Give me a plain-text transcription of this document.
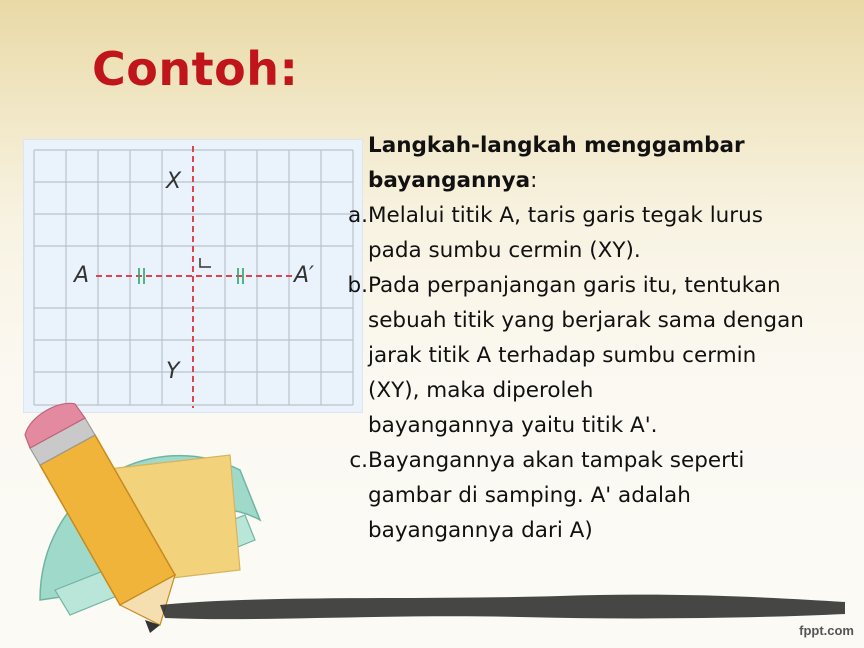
Contoh:
X
Y
A	A′
Langkah-langkah menggambar bayangannya:
a. Melalui titik A, taris garis tegak lurus
pada sumbu cermin (XY).
b. Pada perpanjangan garis itu, tentukan
sebuah titik yang berjarak sama dengan
jarak titik A terhadap sumbu cermin
(XY), maka diperoleh
bayangannya yaitu titik A'.
c. Bayangannya akan tampak seperti
gambar di samping. A' adalah
bayangannya dari A)
fppt.com
